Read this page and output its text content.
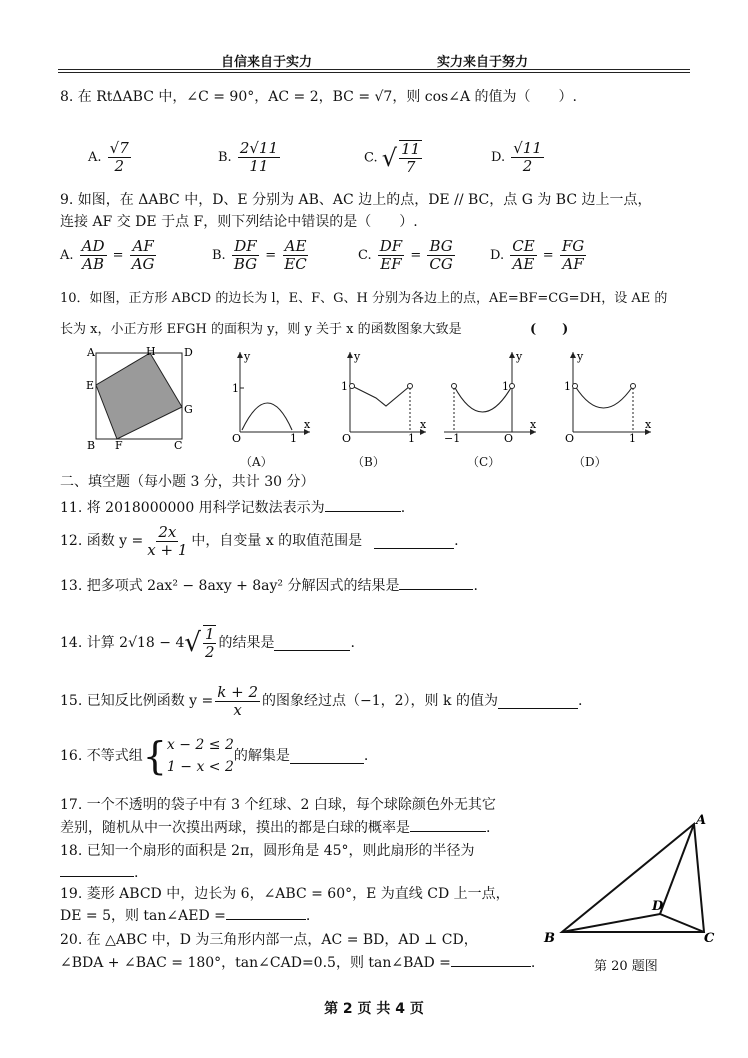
自信来自于实力	实力来自于努力
8. 在 RtΔABC 中，∠C = 90°，AC = 2，BC = √7，则 cos∠A 的值为（　　）.
A. $\frac{√7}{2}$	B. $\frac{2√11}{11}$	C. √ $\frac{11}{7}$	D. $\frac{√11}{2}$
9. 如图，在 ΔABC 中，D、E 分别为 AB、AC 边上的点，DE // BC，点 G 为 BC 边上一点，
连接 AF 交 DE 于点 F，则下列结论中错误的是（　　）.
A. $\frac{AD}{AB} = \frac{AF}{AG}$	B. $\frac{DF}{BG} = \frac{AE}{EC}$	C. $\frac{DF}{EF} = \frac{BG}{CG}$	D. $\frac{CE}{AE} = \frac{FG}{AF}$
10．如图，正方形 ABCD 的边长为 l，E、F、G、H 分别为各边上的点，AE=BF=CG=DH，设 AE 的
长为 x，小正方形 EFGH 的面积为 y，则 y 关于 x 的函数图象大致是	(　　)
A	H	D
E
G
B F	C
y
x
O	1
1
y
x
O	1
1
y
x
O
−1
1
y
x
O	1
1
（A）	（B）	（C）	（D）
二、填空题（每小题 3 分，共计 30 分）
11. 将 2018000000 用科学记数法表示为	.
12. 函数 $y = \frac{2x}{x + 1}$ 中，自变量 x 的取值范围是	.
13. 把多项式 2ax² − 8axy + 8ay² 分解因式的结果是	.
14. 计算 2√18 − 4 √ $\frac{1}{2}$ 的结果是	.
15. 已知反比例函数 $y = \frac{k + 2}{x}$ 的图象经过点（−1，2），则 k 的值为	.
16. 不等式组 { x − 2 ≤ 2
1 − x < 2
的解集是	.
17. 一个不透明的袋子中有 3 个红球、2 白球，每个球除颜色外无其它
差别，随机从中一次摸出两球，摸出的都是白球的概率是	.
18. 已知一个扇形的面积是 2π，圆形角是 45°，则此扇形的半径为
.
19. 菱形 ABCD 中，边长为 6，∠ABC = 60°，E 为直线 CD 上一点，
DE = 5，则 tan∠AED =	.
20. 在 △ABC 中，D 为三角形内部一点，AC = BD，AD ⊥ CD，
∠BDA + ∠BAC = 180°，tan∠CAD=0.5，则 tan∠BAD =	.
A
B	C
D
第 20 题图
第 2 页 共 4 页
